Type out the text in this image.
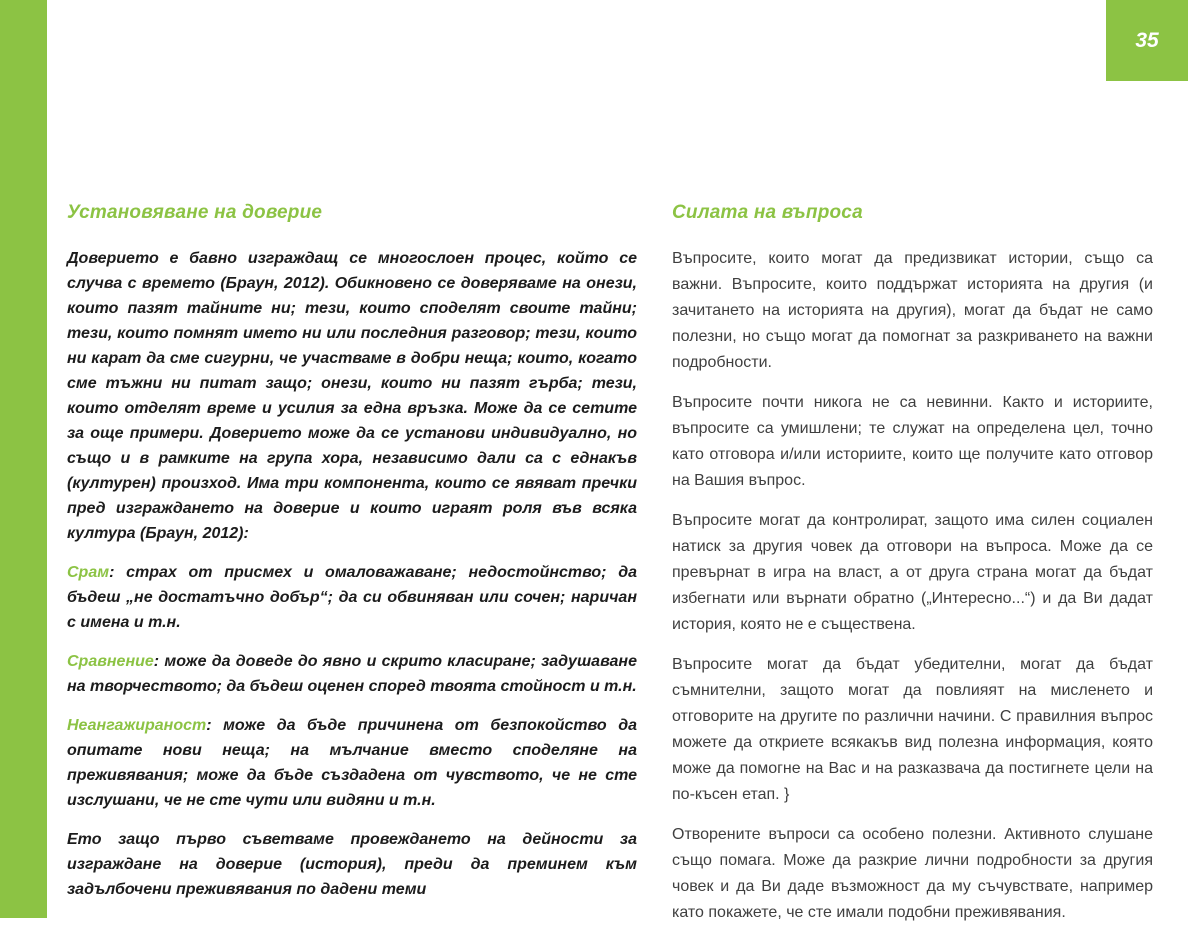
35
Установяване на доверие

Доверието е бавно изграждащ се многослоен процес, който се случва с времето (Браун, 2012). Обикновено се доверяваме на онези, които пазят тайните ни; тези, които споделят своите тайни; тези, които помнят името ни или последния разговор; тези, които ни карат да сме сигурни, че участваме в добри неща; които, когато сме тъжни ни питат защо; онези, които ни пазят гърба; тези, които отделят време и усилия за една връзка. Може да се сетите за още примери. Доверието може да се установи индивидуално, но също и в рамките на група хора, независимо дали са с еднакъв (културен) произход. Има три компонента, които се явяват пречки пред изграждането на доверие и които играят роля във всяка култура (Браун, 2012):

Срам: страх от присмех и омаловажаване; недостойнство; да бъдеш „не достатъчно добър“; да си обвиняван или сочен; наричан с имена и т.н.

Сравнение: може да доведе до явно и скрито класиране; задушаване на творчеството; да бъдеш оценен според твоята стойност и т.н.

Неангажираност: може да бъде причинена от безпокойство да опитате нови неща; на мълчание вместо споделяне на преживявания; може да бъде създадена от чувството, че не сте изслушани, че не сте чути или видяни и т.н.

Ето защо първо съветваме провеждането на дейности за изграждане на доверие (история), преди да преминем към задълбочени преживявания по дадени теми

Силата на въпроса

Въпросите, които могат да предизвикат истории, също са важни. Въпросите, които поддържат историята на другия (и зачитането на историята на другия), могат да бъдат не само полезни, но също могат да помогнат за разкриването на важни подробности.

Въпросите почти никога не са невинни. Както и историите, въпросите са умишлени; те служат на определена цел, точно като отговора и/или историите, които ще получите като отговор на Вашия въпрос.

Въпросите могат да контролират, защото има силен социален натиск за другия човек да отговори на въпроса. Може да се превърнат в игра на власт, а от друга страна могат да бъдат избегнати или върнати обратно („Интересно...“) и да Ви дадат история, която не е съществена.

Въпросите могат да бъдат убедителни, могат да бъдат съмнителни, защото могат да повлияят на мисленето и отговорите на другите по различни начини. С правилния въпрос можете да откриете всякакъв вид полезна информация, която може да помогне на Вас и на разказвача да постигнете цели на по-късен етап. }

Отворените въпроси са особено полезни. Активното слушане също помага. Може да разкрие лични подробности за другия човек и да Ви даде възможност да му съчувствате, например като покажете, че сте имали подобни преживявания.
